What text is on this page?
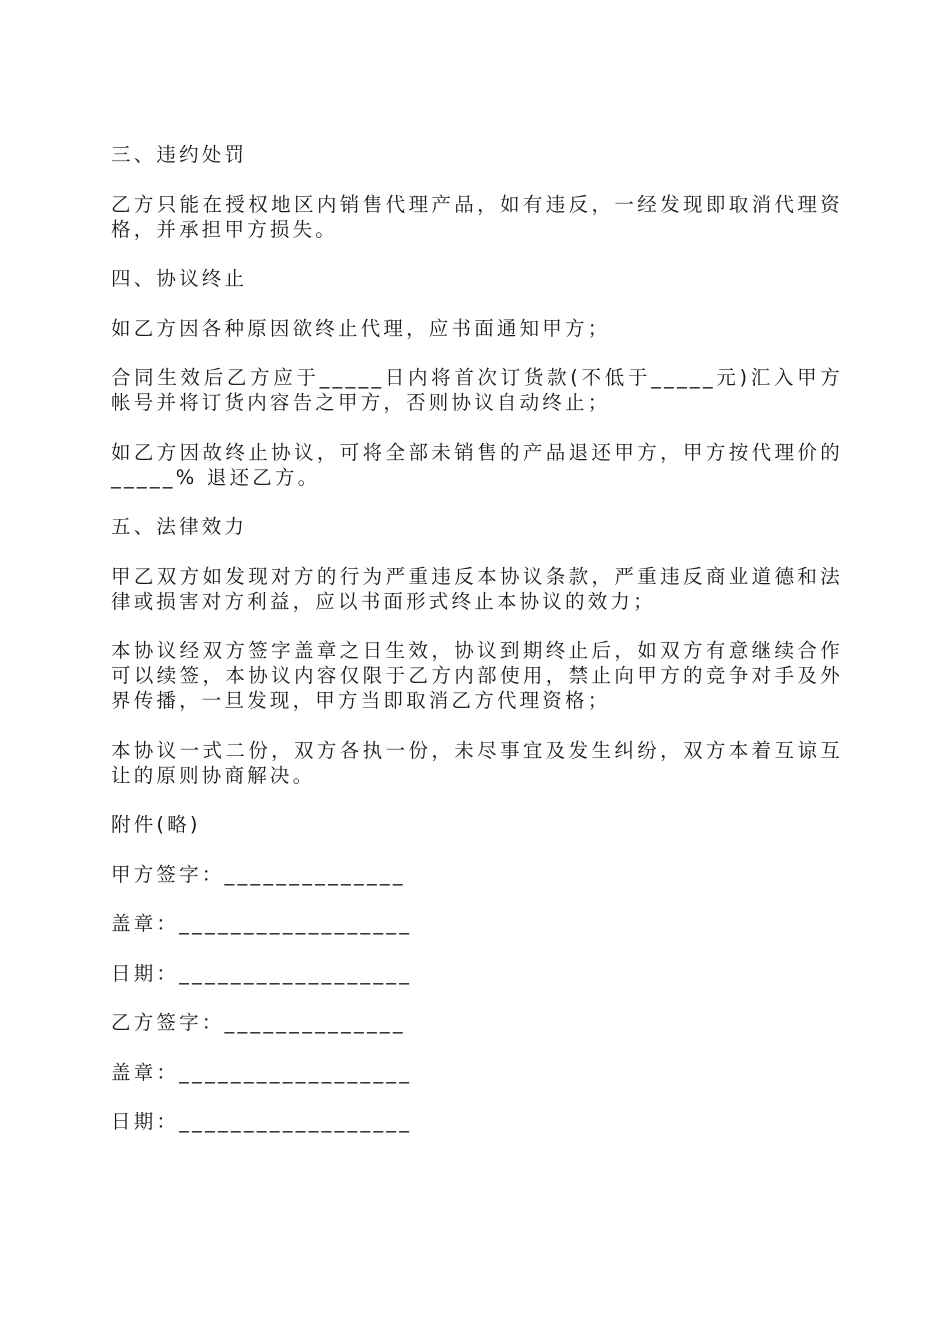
三、违约处罚

乙方只能在授权地区内销售代理产品，如有违反，一经发现即取消代理资格，并承担甲方损失。

四、协议终止

如乙方因各种原因欲终止代理，应书面通知甲方；

合同生效后乙方应于_____日内将首次订货款(不低于_____元)汇入甲方帐号并将订货内容告之甲方，否则协议自动终止；

如乙方因故终止协议，可将全部未销售的产品退还甲方，甲方按代理价的_____% 退还乙方。

五、法律效力

甲乙双方如发现对方的行为严重违反本协议条款，严重违反商业道德和法律或损害对方利益，应以书面形式终止本协议的效力；

本协议经双方签字盖章之日生效，协议到期终止后，如双方有意继续合作可以续签，本协议内容仅限于乙方内部使用，禁止向甲方的竞争对手及外界传播，一旦发现，甲方当即取消乙方代理资格；

本协议一式二份，双方各执一份，未尽事宜及发生纠纷，双方本着互谅互让的原则协商解决。

附件(略)

甲方签字：______________

盖章：__________________

日期：__________________

乙方签字：______________

盖章：__________________

日期：__________________
